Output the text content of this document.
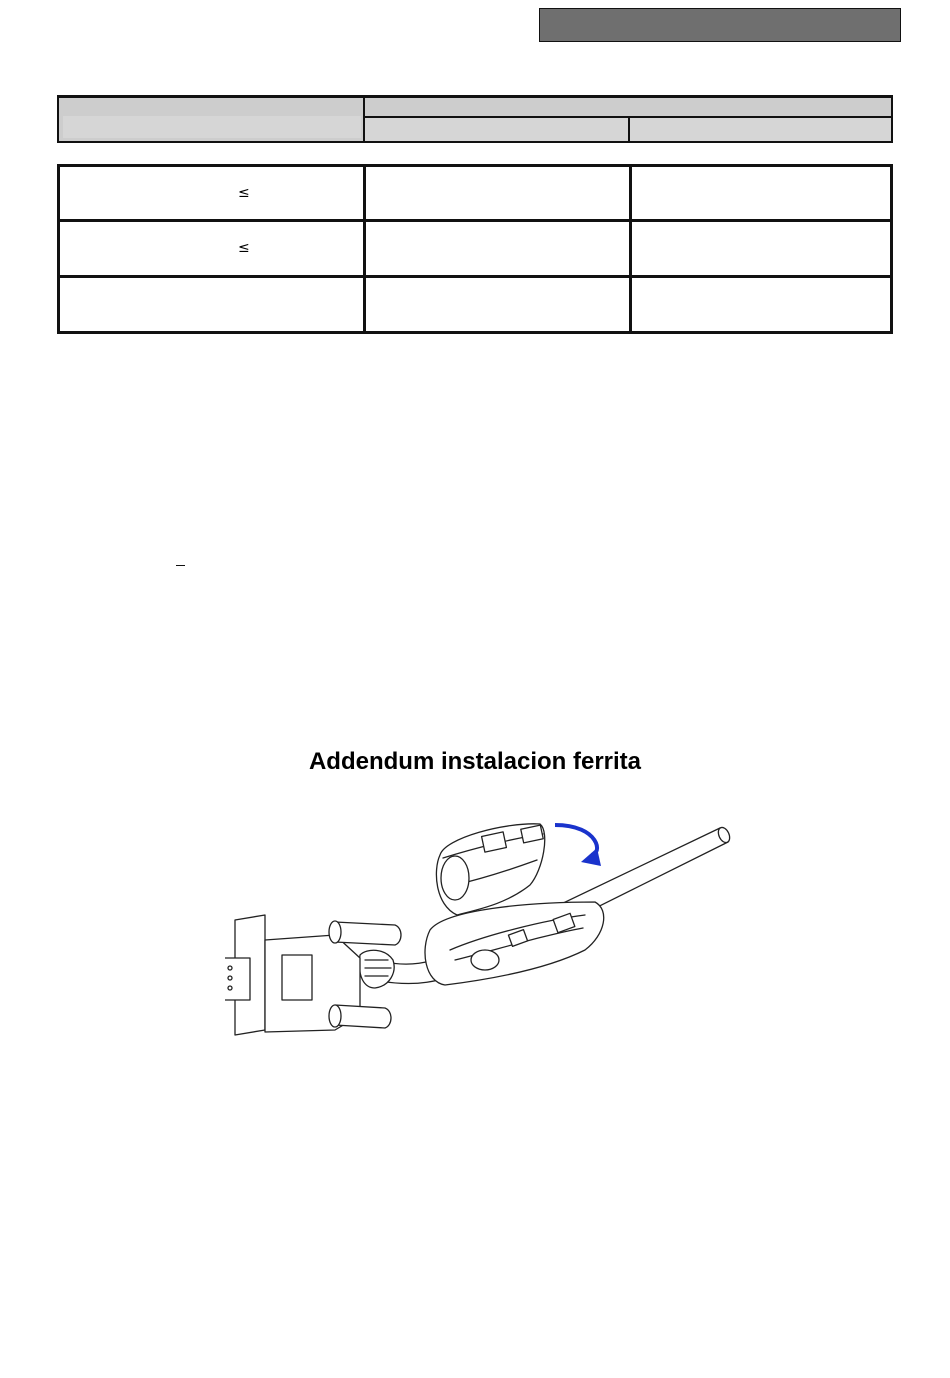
≤
≤
Addendum instalacion ferrita
